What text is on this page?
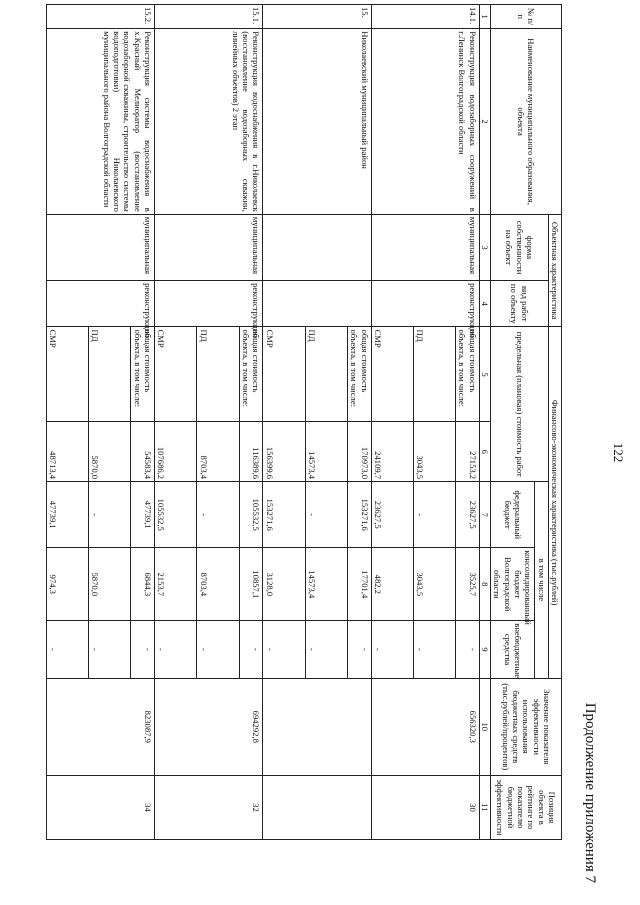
122
Продолжение приложения 7
№ п/п	Наименование муниципального образования, объекта	Объектная характеристика		Финансово-экономическая характеристика (тыс.рублей)					Значение показателя эффективности использования бюджетных средств (тыс.рублей/процентов)	Позиция объекта в рейтинге по показателю бюджетной эффективности
		форма собственности на объект	вид работ по объекту	предельная (плановая) стоимость работ		в том числе				
						федеральный бюджет	консолидированный бюджет Волгоградской области	внебюджетные средства		
1	2	3	4	5	6	7	8	9	10	11
14.1.	Реконструкция водозаборных сооружений в г.Ленинск Волгоградской области	муниципальная	реконструкция	общая стоимость объекта, в том числе:	27153,2	23627,5	3525,7	-	656320,3	30
				ПД	3043,5	-	3043,5	-		
				СМР	24109,7	23627,5	482,2	-		
15.	Николаевский муниципальный район			общая стоимость объекта, в том числе:	170973,0	153271,6	17701,4	-		
				ПД	14573,4	-	14573,4	-		
				СМР	156399,6	153271,6	3128,0	-		
15.1.	Реконструкция водоснабжения в г.Николаевск (восстановление водозаборных скважин, линейных объектов) 2 этап	муниципальная	реконструкция	общая стоимость объекта, в том числе:	116389,6	105532,5	10857,1	-	694292,8	32
				ПД	8703,4	-	8703,4	-		
				СМР	107686,2	105532,5	2153,7	-		
15.2.	Реконструкция системы водоснабжения в х.Красный Мелиоратор (восстановление водозаборной скважины, строительство системы водоподготовки) Николаевского муниципального района Волгоградской области	муниципальная	реконструкция	общая стоимость объекта, в том числе:	54583,4	47739,1	6844,3	-	823087,9	34
				ПД	5870,0	-	5870,0	-		
				СМР	48713,4	47739,1	974,3	-		
